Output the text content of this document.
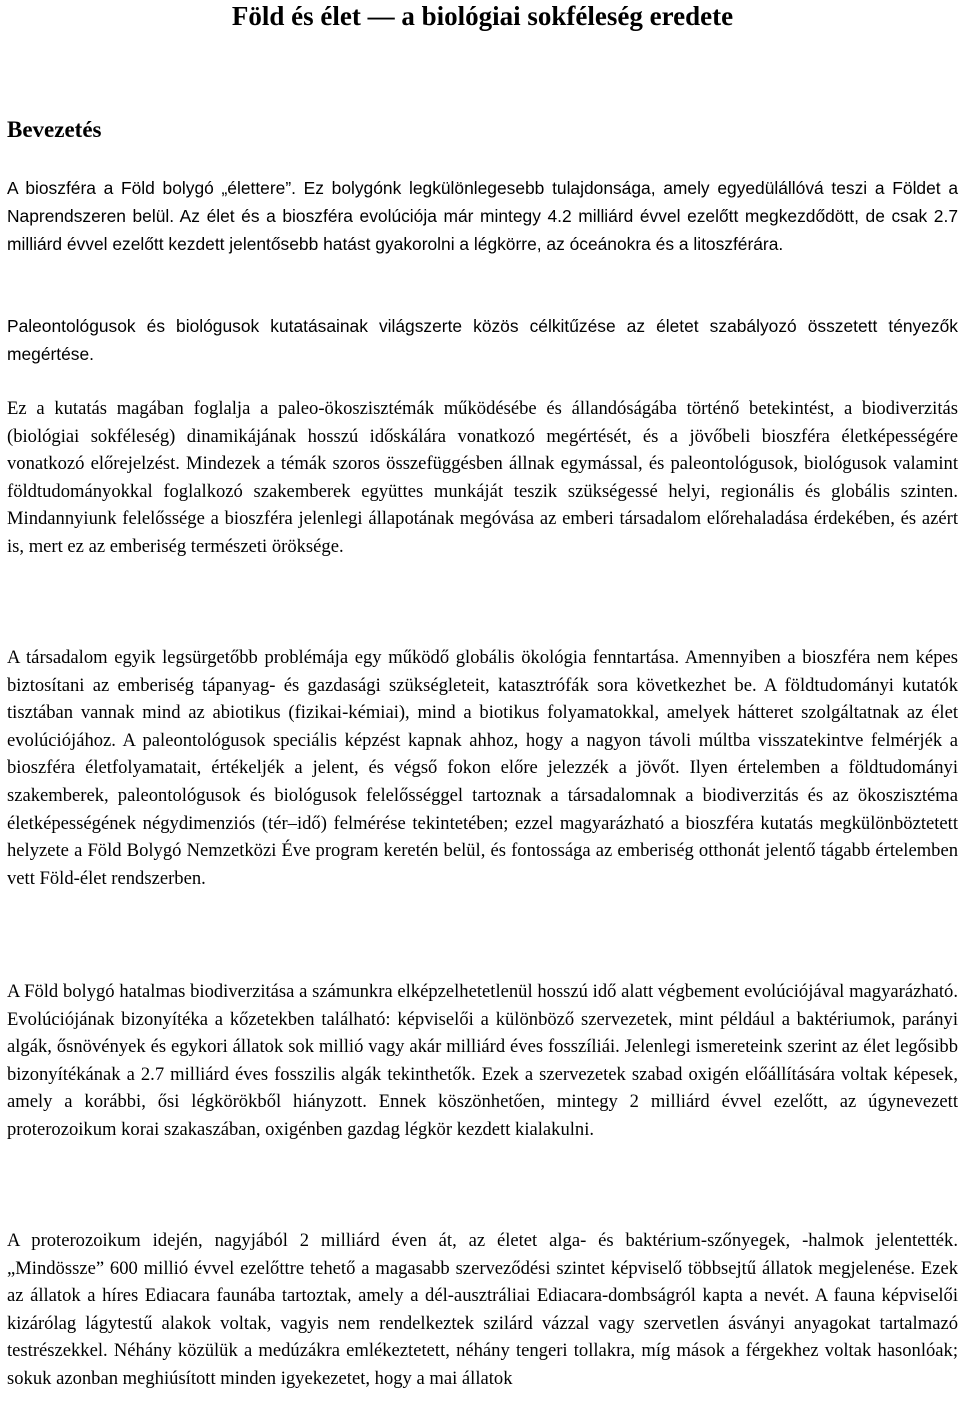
Föld és élet — a biológiai sokféleség eredete
Bevezetés

A bioszféra a Föld bolygó „élettere”. Ez bolygónk legkülönlegesebb tulajdonsága, amely egyedülállóvá teszi a Földet a Naprendszeren belül. Az élet és a bioszféra evolúciója már mintegy 4.2 milliárd évvel ezelőtt megkezdődött, de csak 2.7 milliárd évvel ezelőtt kezdett jelentősebb hatást gyakorolni a légkörre, az óceánokra és a litoszférára.

Paleontológusok és biológusok kutatásainak világszerte közös célkitűzése az életet szabályozó összetett tényezők megértése.

Ez a kutatás magában foglalja a paleo-ökoszisztémák működésébe és állandóságába történő betekintést, a biodiverzitás (biológiai sokféleség) dinamikájának hosszú időskálára vonatkozó megértését, és a jövőbeli bioszféra életképességére vonatkozó előrejelzést. Mindezek a témák szoros összefüggésben állnak egymással, és paleontológusok, biológusok valamint földtudományokkal foglalkozó szakemberek együttes munkáját teszik szükségessé helyi, regionális és globális szinten. Mindannyiunk felelőssége a bioszféra jelenlegi állapotának megóvása az emberi társadalom előrehaladása érdekében, és azért is, mert ez az emberiség természeti öröksége.

A társadalom egyik legsürgetőbb problémája egy működő globális ökológia fenntartása. Amennyiben a bioszféra nem képes biztosítani az emberiség tápanyag- és gazdasági szükségleteit, katasztrófák sora következhet be. A földtudományi kutatók tisztában vannak mind az abiotikus (fizikai-kémiai), mind a biotikus folyamatokkal, amelyek hátteret szolgáltatnak az élet evolúciójához. A paleontológusok speciális képzést kapnak ahhoz, hogy a nagyon távoli múltba visszatekintve felmérjék a bioszféra életfolyamatait, értékeljék a jelent, és végső fokon előre jelezzék a jövőt. Ilyen értelemben a földtudományi szakemberek, paleontológusok és biológusok felelősséggel tartoznak a társadalomnak a biodiverzitás és az ökoszisztéma életképességének négydimenziós (tér–idő) felmérése tekintetében; ezzel magyarázható a bioszféra kutatás megkülönböztetett helyzete a Föld Bolygó Nemzetközi Éve program keretén belül, és fontossága az emberiség otthonát jelentő tágabb értelemben vett Föld-élet rendszerben.

A Föld bolygó hatalmas biodiverzitása a számunkra elképzelhetetlenül hosszú idő alatt végbement evolúciójával magyarázható. Evolúciójának bizonyítéka a kőzetekben található: képviselői a különböző szervezetek, mint például a baktériumok, parányi algák, ősnövények és egykori állatok sok millió vagy akár milliárd éves fosszíliái. Jelenlegi ismereteink szerint az élet legősibb bizonyítékának a 2.7 milliárd éves fosszilis algák tekinthetők. Ezek a szervezetek szabad oxigén előállítására voltak képesek, amely a korábbi, ősi légkörökből hiányzott. Ennek köszönhetően, mintegy 2 milliárd évvel ezelőtt, az úgynevezett proterozoikum korai szakaszában, oxigénben gazdag légkör kezdett kialakulni.

A proterozoikum idején, nagyjából 2 milliárd éven át, az életet alga- és baktérium-szőnyegek, -halmok jelentették. „Mindössze” 600 millió évvel ezelőttre tehető a magasabb szerveződési szintet képviselő többsejtű állatok megjelenése. Ezek az állatok a híres Ediacara faunába tartoztak, amely a dél-ausztráliai Ediacara-dombságról kapta a nevét. A fauna képviselői kizárólag lágytestű alakok voltak, vagyis nem rendelkeztek szilárd vázzal vagy szervetlen ásványi anyagokat tartalmazó testrészekkel. Néhány közülük a medúzákra emlékeztetett, néhány tengeri tollakra, míg mások a férgekhez voltak hasonlóak; sokuk azonban meghiúsított minden igyekezetet, hogy a mai állatok
